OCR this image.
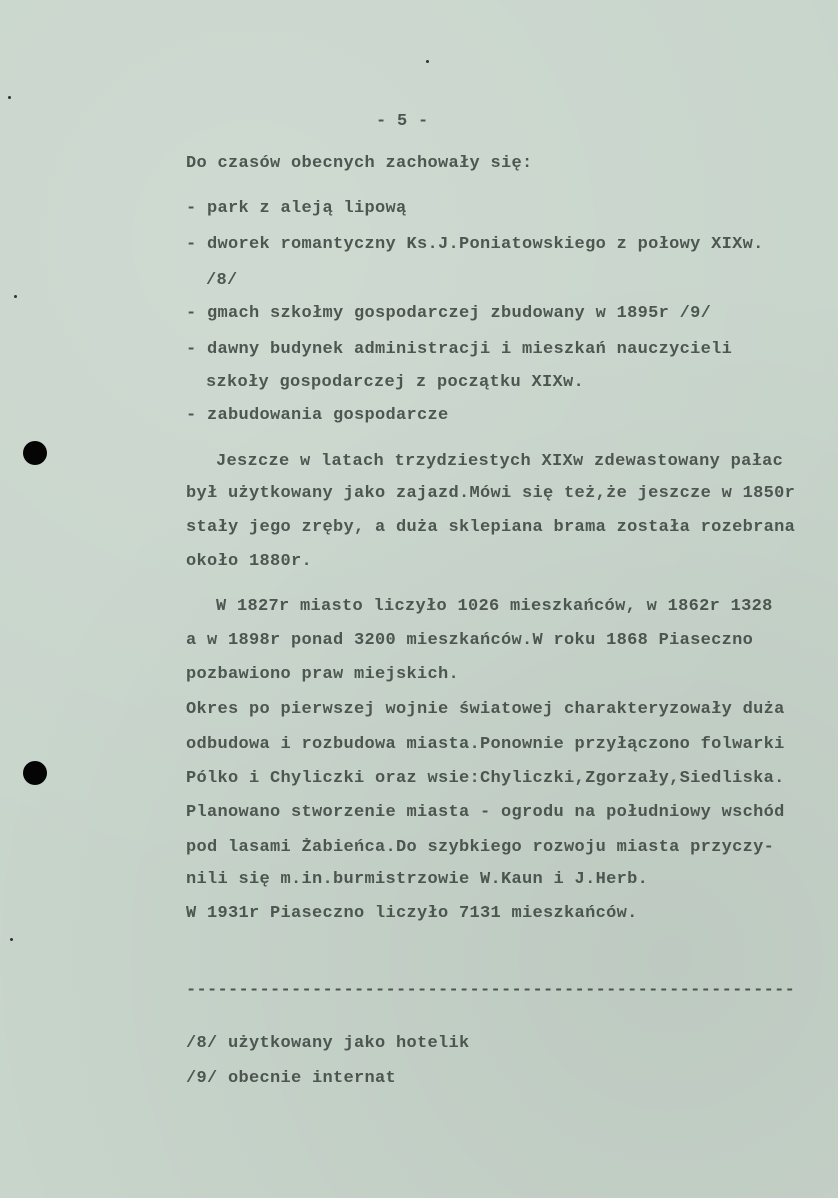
- 5 -
Do czasów obecnych zachowały się:
- park z aleją lipową
- dworek romantyczny Ks.J.Poniatowskiego z połowy XIXw.
/8/
- gmach szkołmy gospodarczej zbudowany w 1895r /9/
- dawny budynek administracji i mieszkań nauczycieli
szkoły gospodarczej z początku XIXw.
- zabudowania gospodarcze
Jeszcze w latach trzydziestych XIXw zdewastowany pałac
był użytkowany jako zajazd.Mówi się też,że jeszcze w 1850r
stały jego zręby, a duża sklepiana brama została rozebrana
około 1880r.
W 1827r miasto liczyło 1026 mieszkańców, w 1862r 1328
a w 1898r ponad 3200 mieszkańców.W roku 1868 Piaseczno
pozbawiono praw miejskich.
Okres po pierwszej wojnie światowej charakteryzowały duża
odbudowa i rozbudowa miasta.Ponownie przyłączono folwarki
Pólko i Chyliczki oraz wsie:Chyliczki,Zgorzały,Siedliska.
Planowano stworzenie miasta - ogrodu na południowy wschód
pod lasami Żabieńca.Do szybkiego rozwoju miasta przyczy-
nili się m.in.burmistrzowie W.Kaun i J.Herb.
W 1931r Piaseczno liczyło 7131 mieszkańców.
----------------------------------------------------------
/8/ użytkowany jako hotelik
/9/ obecnie internat
